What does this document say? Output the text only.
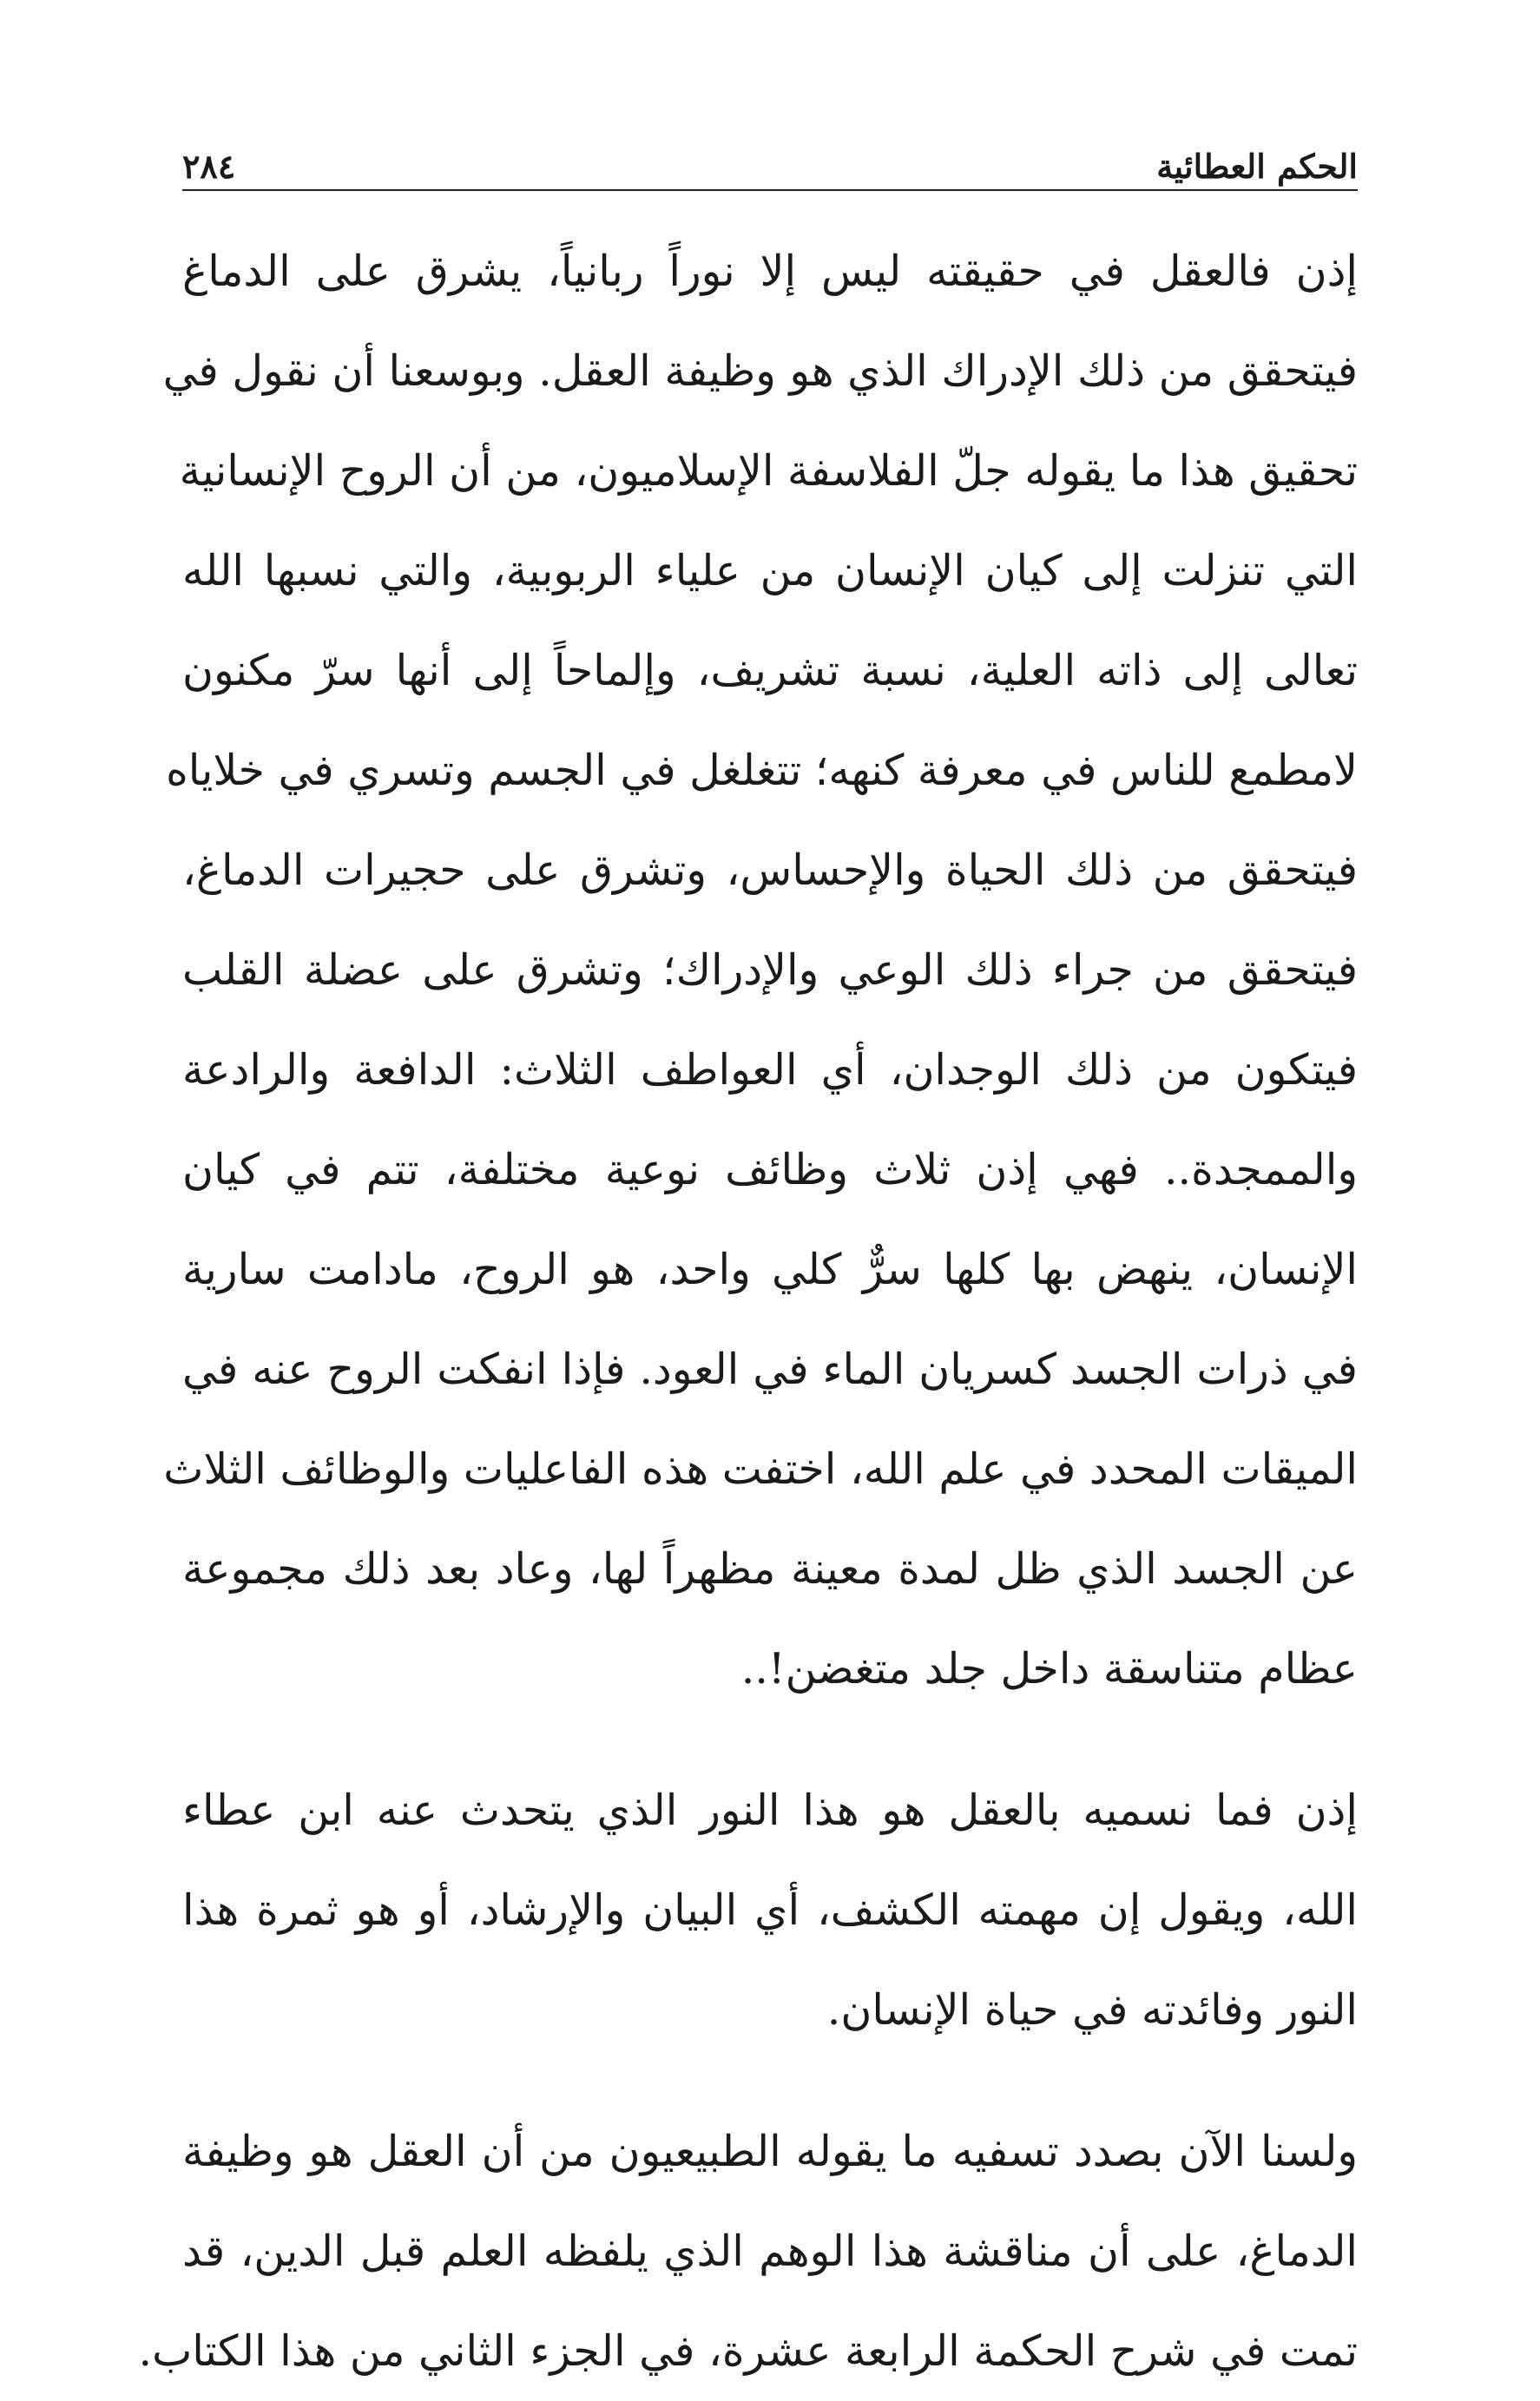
الحكم العطائية
٢٨٤

إذن فالعقل في حقيقته ليس إلا نوراً ربانياً، يشرق على الدماغ

فيتحقق من ذلك الإدراك الذي هو وظيفة العقل. وبوسعنا أن نقول في

تحقيق هذا ما يقوله جلّ الفلاسفة الإسلاميون، من أن الروح الإنسانية

التي تنزلت إلى كيان الإنسان من علياء الربوبية، والتي نسبها الله

تعالى إلى ذاته العلية، نسبة تشريف، وإلماحاً إلى أنها سرّ مكنون

لامطمع للناس في معرفة كنهه؛ تتغلغل في الجسم وتسري في خلاياه

فيتحقق من ذلك الحياة والإحساس، وتشرق على حجيرات الدماغ،

فيتحقق من جراء ذلك الوعي والإدراك؛ وتشرق على عضلة القلب

فيتكون من ذلك الوجدان، أي العواطف الثلاث: الدافعة والرادعة

والممجدة.. فهي إذن ثلاث وظائف نوعية مختلفة، تتم في كيان

الإنسان، ينهض بها كلها سرٌّ كلي واحد، هو الروح، مادامت سارية

في ذرات الجسد كسريان الماء في العود. فإذا انفكت الروح عنه في

الميقات المحدد في علم الله، اختفت هذه الفاعليات والوظائف الثلاث

عن الجسد الذي ظل لمدة معينة مظهراً لها، وعاد بعد ذلك مجموعة

عظام متناسقة داخل جلد متغضن!..

إذن فما نسميه بالعقل هو هذا النور الذي يتحدث عنه ابن عطاء

الله، ويقول إن مهمته الكشف، أي البيان والإرشاد، أو هو ثمرة هذا

النور وفائدته في حياة الإنسان.

ولسنا الآن بصدد تسفيه ما يقوله الطبيعيون من أن العقل هو وظيفة

الدماغ، على أن مناقشة هذا الوهم الذي يلفظه العلم قبل الدين، قد

تمت في شرح الحكمة الرابعة عشرة، في الجزء الثاني من هذا الكتاب.
